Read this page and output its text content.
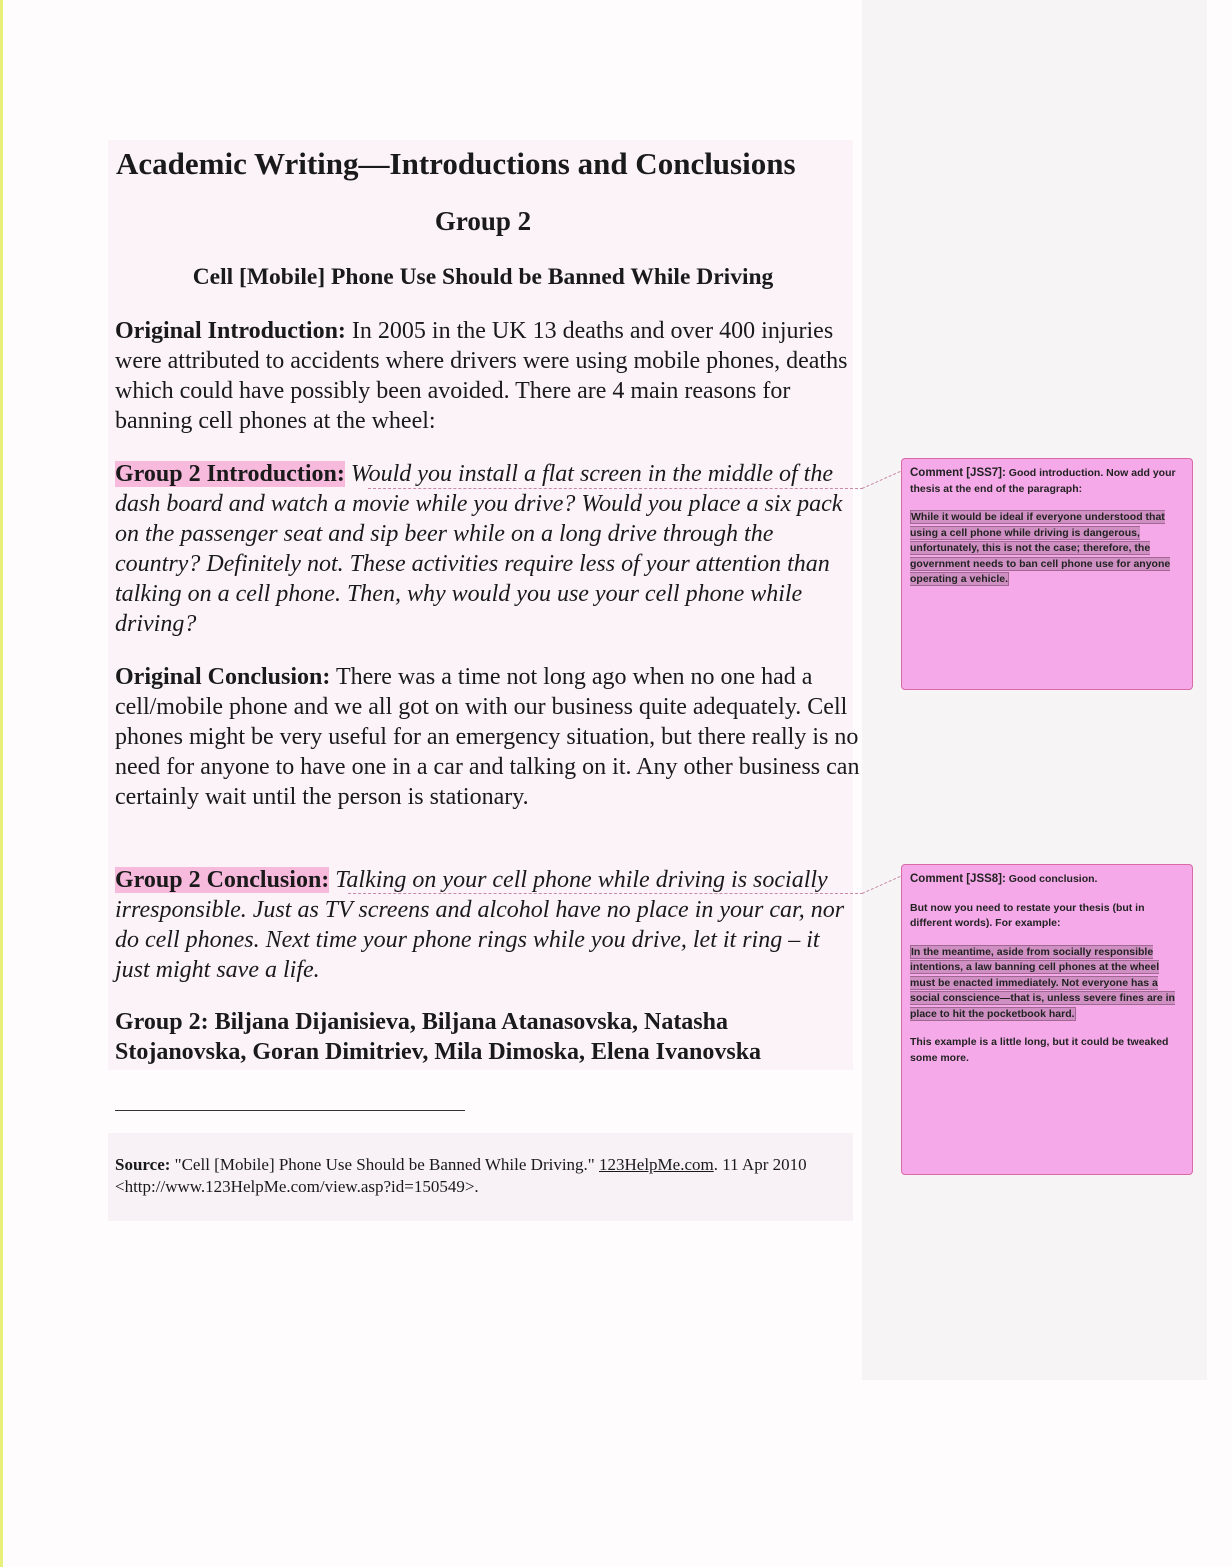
Academic Writing—Introductions and Conclusions
Group 2
Cell [Mobile] Phone Use Should be Banned While Driving

Original Introduction: In 2005 in the UK 13 deaths and over 400 injuries were attributed to accidents where drivers were using mobile phones, deaths which could have possibly been avoided. There are 4 main reasons for banning cell phones at the wheel:

Group 2 Introduction: Would you install a flat screen in the middle of the dash board and watch a movie while you drive? Would you place a six pack on the passenger seat and sip beer while on a long drive through the country? Definitely not. These activities require less of your attention than talking on a cell phone. Then, why would you use your cell phone while driving?

Original Conclusion: There was a time not long ago when no one had a cell/mobile phone and we all got on with our business quite adequately. Cell phones might be very useful for an emergency situation, but there really is no need for anyone to have one in a car and talking on it. Any other business can certainly wait until the person is stationary.

Group 2 Conclusion: Talking on your cell phone while driving is socially irresponsible. Just as TV screens and alcohol have no place in your car, nor do cell phones. Next time your phone rings while you drive, let it ring – it just might save a life.

Group 2: Biljana Dijanisieva, Biljana Atanasovska, Natasha Stojanovska, Goran Dimitriev, Mila Dimoska, Elena Ivanovska

Source: "Cell [Mobile] Phone Use Should be Banned While Driving." 123HelpMe.com. 11 Apr 2010 <http://www.123HelpMe.com/view.asp?id=150549>.

Comment [JSS7]: Good introduction. Now add your thesis at the end of the paragraph:

While it would be ideal if everyone understood that using a cell phone while driving is dangerous, unfortunately, this is not the case; therefore, the government needs to ban cell phone use for anyone operating a vehicle.

Comment [JSS8]: Good conclusion.

But now you need to restate your thesis (but in different words). For example:

In the meantime, aside from socially responsible intentions, a law banning cell phones at the wheel must be enacted immediately. Not everyone has a social conscience—that is, unless severe fines are in place to hit the pocketbook hard.

This example is a little long, but it could be tweaked some more.
